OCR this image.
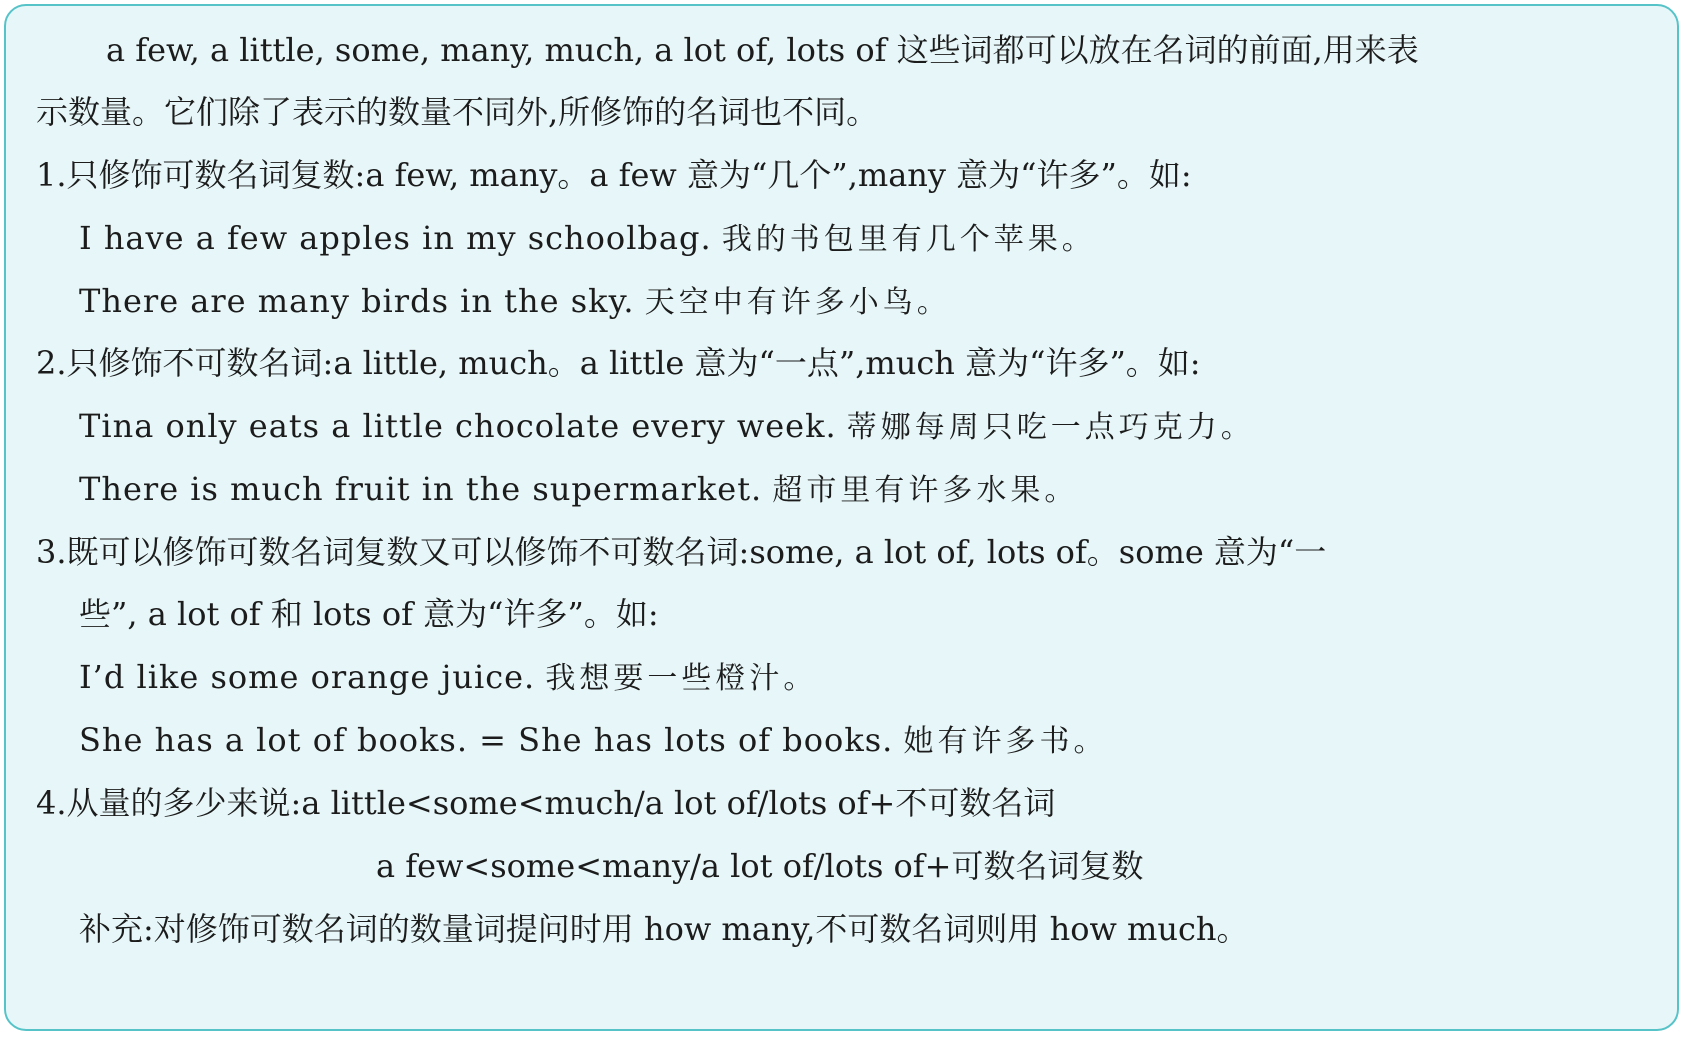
a few, a little, some, many, much, a lot of, lots of 这些词都可以放在名词的前面,用来表
示数量。它们除了表示的数量不同外,所修饰的名词也不同。
1.只修饰可数名词复数:a few, many。a few 意为“几个”,many 意为“许多”。如:
I have a few apples in my schoolbag. 我的书包里有几个苹果。
There are many birds in the sky. 天空中有许多小鸟。
2.只修饰不可数名词:a little, much。a little 意为“一点”,much 意为“许多”。如:
Tina only eats a little chocolate every week. 蒂娜每周只吃一点巧克力。
There is much fruit in the supermarket. 超市里有许多水果。
3.既可以修饰可数名词复数又可以修饰不可数名词:some, a lot of, lots of。some 意为“一
些”, a lot of 和 lots of 意为“许多”。如:
I’d like some orange juice. 我想要一些橙汁。
She has a lot of books. = She has lots of books. 她有许多书。
4.从量的多少来说:a little<some<much/a lot of/lots of+不可数名词
a few<some<many/a lot of/lots of+可数名词复数
补充:对修饰可数名词的数量词提问时用 how many,不可数名词则用 how much。
